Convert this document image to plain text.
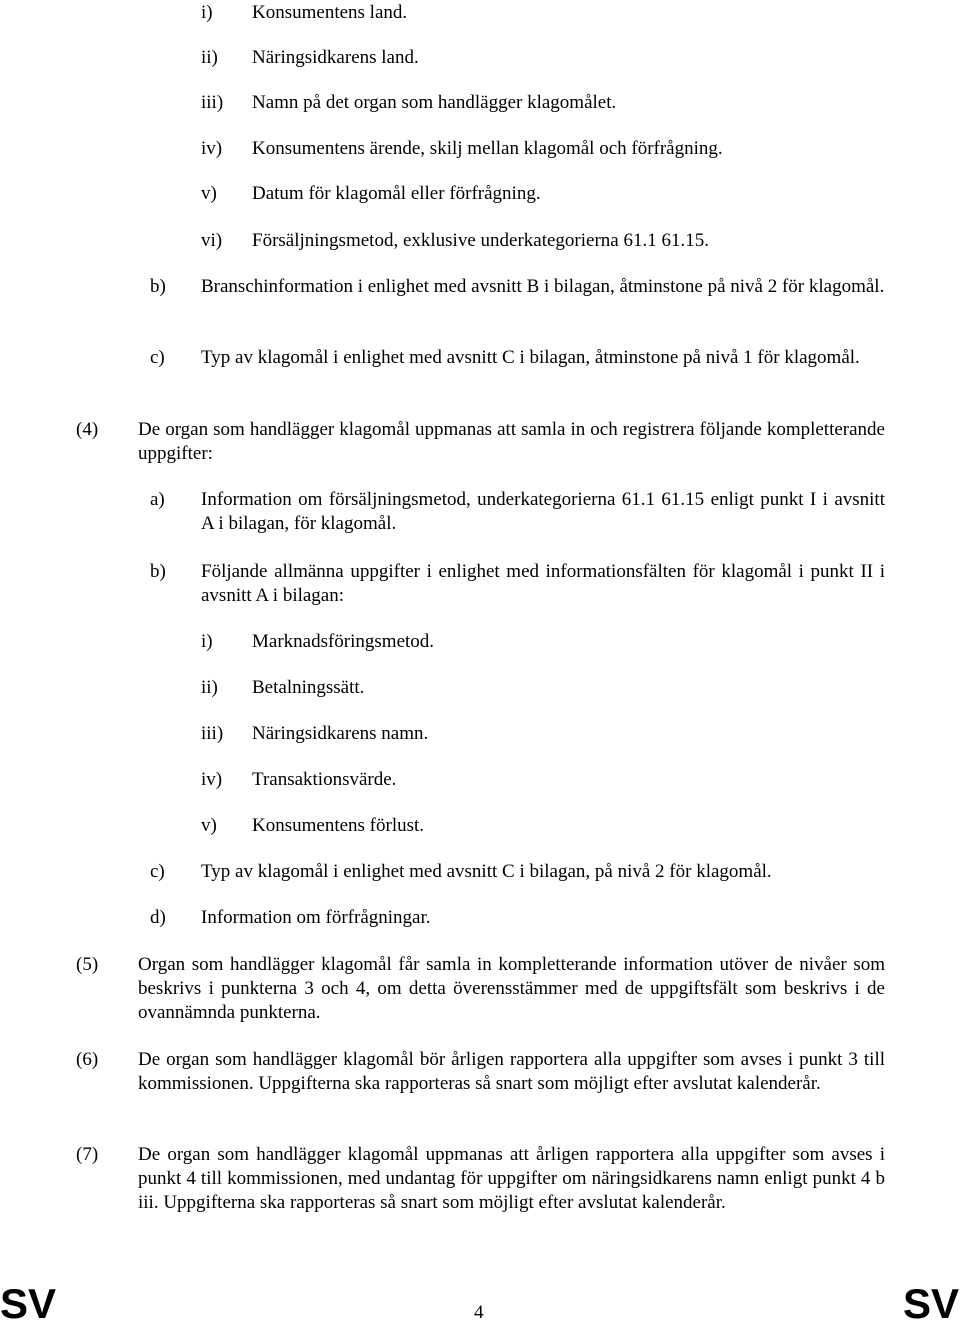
i) Konsumentens land.
ii) Näringsidkarens land.
iii) Namn på det organ som handlägger klagomålet.
iv) Konsumentens ärende, skilj mellan klagomål och förfrågning.
v) Datum för klagomål eller förfrågning.
vi) Försäljningsmetod, exklusive underkategorierna 61.1 61.15.
b) Branschinformation i enlighet med avsnitt B i bilagan, åtminstone på nivå 2 för klagomål.
c) Typ av klagomål i enlighet med avsnitt C i bilagan, åtminstone på nivå 1 för klagomål.
(4) De organ som handlägger klagomål uppmanas att samla in och registrera följande kompletterande uppgifter:
a) Information om försäljningsmetod, underkategorierna 61.1 61.15 enligt punkt I i avsnitt A i bilagan, för klagomål.
b) Följande allmänna uppgifter i enlighet med informationsfälten för klagomål i punkt II i avsnitt A i bilagan:
i) Marknadsföringsmetod.
ii) Betalningssätt.
iii) Näringsidkarens namn.
iv) Transaktionsvärde.
v) Konsumentens förlust.
c) Typ av klagomål i enlighet med avsnitt C i bilagan, på nivå 2 för klagomål.
d) Information om förfrågningar.
(5) Organ som handlägger klagomål får samla in kompletterande information utöver de nivåer som beskrivs i punkterna 3 och 4, om detta överensstämmer med de uppgiftsfält som beskrivs i de ovannämnda punkterna.
(6) De organ som handlägger klagomål bör årligen rapportera alla uppgifter som avses i punkt 3 till kommissionen. Uppgifterna ska rapporteras så snart som möjligt efter avslutat kalenderår.
(7) De organ som handlägger klagomål uppmanas att årligen rapportera alla uppgifter som avses i punkt 4 till kommissionen, med undantag för uppgifter om näringsidkarens namn enligt punkt 4 b iii. Uppgifterna ska rapporteras så snart som möjligt efter avslutat kalenderår.
SV	4	SV
